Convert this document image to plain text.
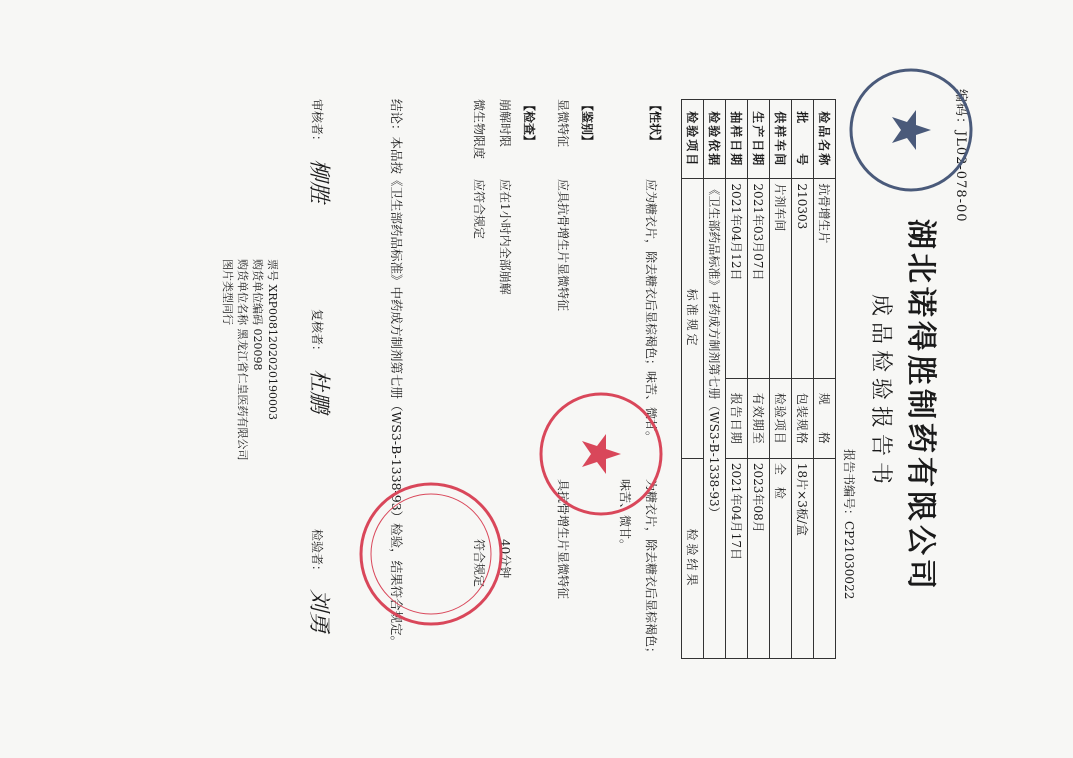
编码：JL02-078-00
湖北诺得胜制药有限公司
成品检验报告书
报告书编号：CP21030022
检品名称	抗骨增生片	规　　格	
批　　号	210303	包装规格	18片×3板/盒
供样车间	片剂车间	检验项目	全　检
生产日期	2021年03月07日	有效期至	2023年08月
抽样日期	2021年04月12日	报告日期	2021年04月17日
检验依据	《卫生部药品标准》中药成方制剂第七册（WS3-B-1338-93）		
检验项目	标准规定		检验结果
【性状】
应为糖衣片，除去糖衣后显棕褐色；味苦、微甘。
为糖衣片，除去糖衣后显棕褐色；味苦、微甘。
【鉴别】
显微特征
应具抗骨增生片显微特征
具抗骨增生片显微特征
【检查】
崩解时限
应在1小时内全部崩解
40分钟
微生物限度
应符合规定
符合规定
结论：本品按《卫生部药品标准》中药成方制剂第七册（WS3-B-1338-93）检验，结果符合规定。
审核者：
柳胜
复核者：
杜鹏
检验者：
刘勇
票号 XRP0081202020190003
购货单位编码 020098
购货单位名称 黑龙江省仁皇医药有限公司
图片类型同行
